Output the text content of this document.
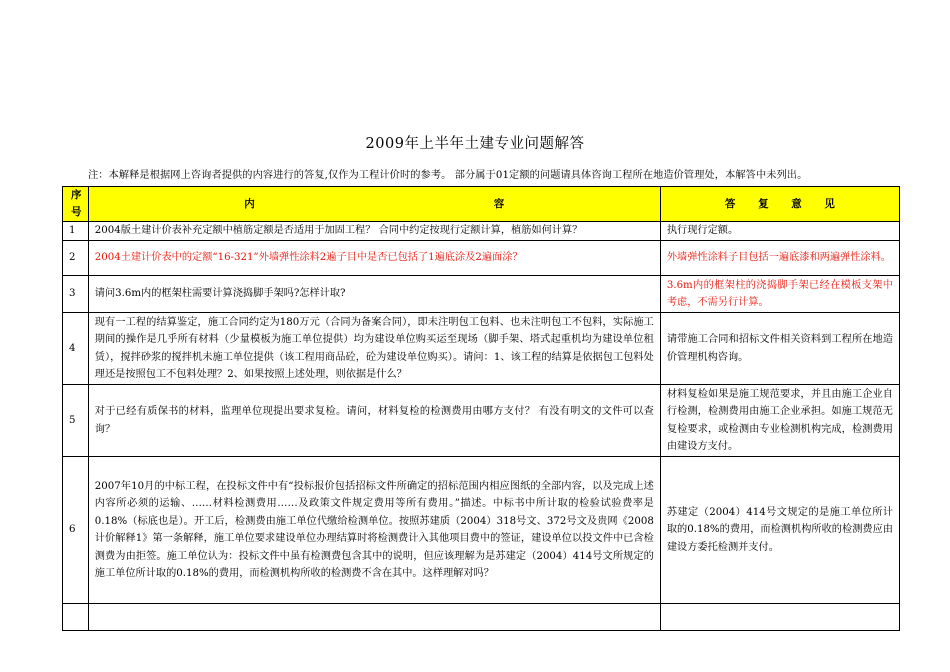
2009年上半年土建专业问题解答
注：本解释是根据网上咨询者提供的内容进行的答复,仅作为工程计价时的参考。 部分属于01定额的问题请具体咨询工程所在地造价管理处，本解答中未列出。
序号	内容	答复意见
1	2004版土建计价表补充定额中植筋定额是否适用于加固工程？ 合同中约定按现行定额计算，植筋如何计算？	执行现行定额。
2	2004土建计价表中的定额“16-321”外墙弹性涂料2遍子目中是否已包括了1遍底涂及2遍面涂？	外墙弹性涂料子目包括一遍底漆和两遍弹性涂料。
3	请问3.6m内的框架柱需要计算浇捣脚手架吗?怎样计取?	3.6m内的框架柱的浇捣脚手架已经在模板支架中考虑，不需另行计算。
4	现有一工程的结算鉴定，施工合同约定为180万元（合同为备案合同），即未注明包工包料、也未注明包工不包料，实际施工期间的操作是几乎所有材料（少量模板为施工单位提供）均为建设单位购买运至现场（脚手架、塔式起重机均为建设单位租赁），搅拌砂浆的搅拌机未施工单位提供（该工程用商品砼，砼为建设单位购买）。请问：1、该工程的结算是依据包工包料处理还是按照包工不包料处理？2、如果按照上述处理，则依据是什么？	请带施工合同和招标文件相关资料到工程所在地造价管理机构咨询。
5	对于已经有质保书的材料，监理单位现提出要求复检。请问，材料复检的检测费用由哪方支付？ 有没有明文的文件可以查询？	材料复检如果是施工规范要求，并且由施工企业自行检测，检测费用由施工企业承担。如施工规范无复检要求，或检测由专业检测机构完成，检测费用由建设方支付。
6	2007年10月的中标工程，在投标文件中有“投标报价包括招标文件所确定的招标范围内相应图纸的全部内容，以及完成上述内容所必须的运输、……材料检测费用……及政策文件规定费用等所有费用。”描述。中标书中所计取的检验试验费率是0.18%（标底也是）。开工后，检测费由施工单位代缴给检测单位。按照苏建质（2004）318号文、372号文及贵网《2008计价解释1》第一条解释，施工单位要求建设单位办理结算时将检测费计入其他项目费中的签证，建设单位以投文件中已含检测费为由拒签。施工单位认为：投标文件中虽有检测费包含其中的说明，但应该理解为是苏建定（2004）414号文所规定的施工单位所计取的0.18%的费用，而检测机构所收的检测费不含在其中。这样理解对吗？	苏建定（2004）414号文规定的是施工单位所计取的0.18%的费用，而检测机构所收的检测费应由建设方委托检测并支付。
